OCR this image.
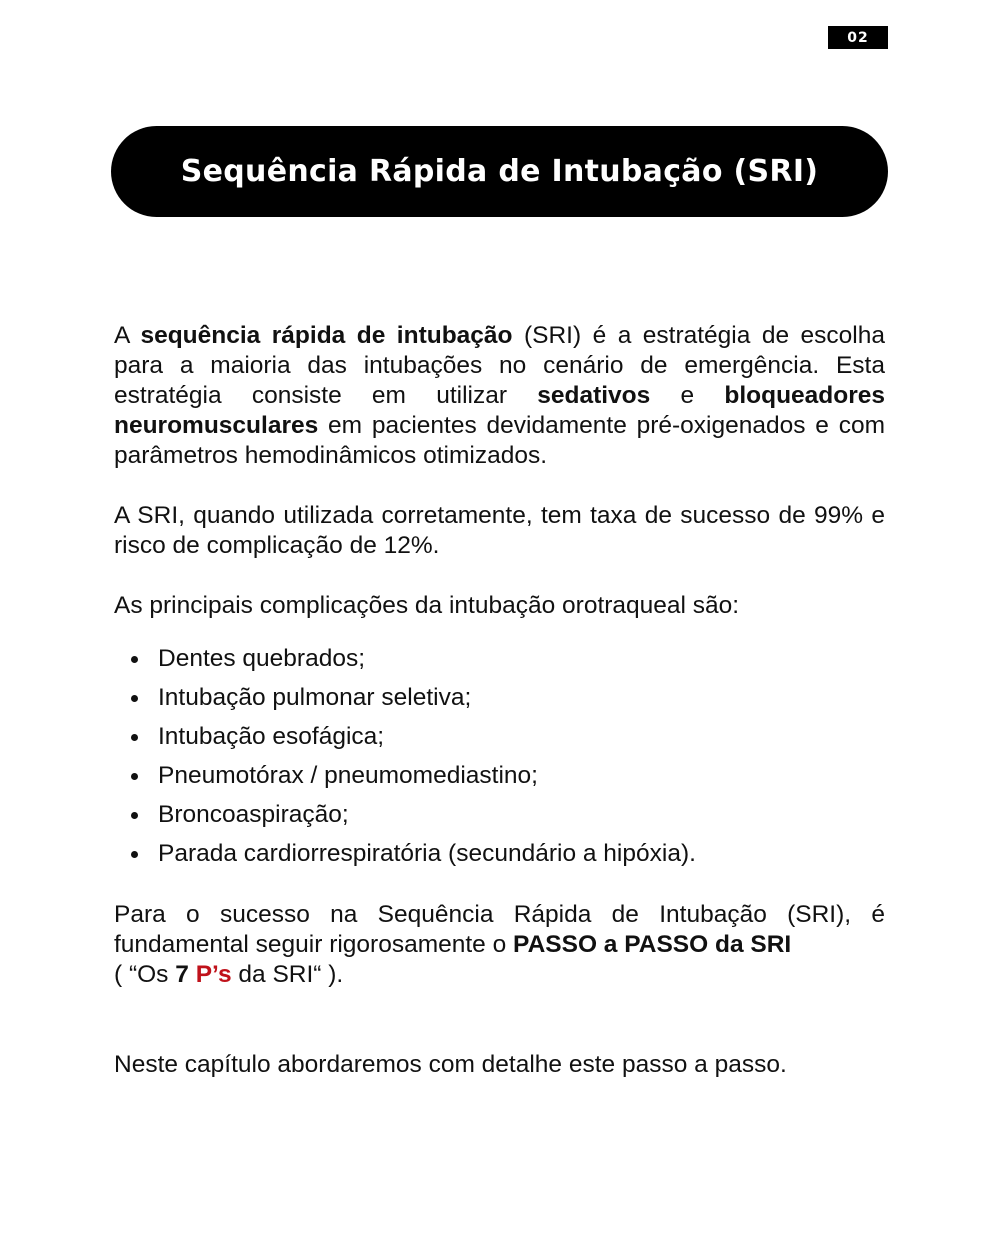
02
Sequência Rápida de Intubação (SRI)

A sequência rápida de intubação (SRI) é a estratégia de escolha para a maioria das intubações no cenário de emergência. Esta estratégia consiste em utilizar sedativos e bloqueadores neuromusculares em pacientes devidamente pré-oxigenados e com parâmetros hemodinâmicos otimizados.

A SRI, quando utilizada corretamente, tem taxa de sucesso de 99% e risco de complicação de 12%.

As principais complicações da intubação orotraqueal são:

Dentes quebrados;
Intubação pulmonar seletiva;
Intubação esofágica;
Pneumotórax / pneumomediastino;
Broncoaspiração;
Parada cardiorrespiratória (secundário a hipóxia).

Para o sucesso na Sequência Rápida de Intubação (SRI), é fundamental seguir rigorosamente o PASSO a PASSO da SRI
( “Os 7 P’s da SRI“ ).

Neste capítulo abordaremos com detalhe este passo a passo.
